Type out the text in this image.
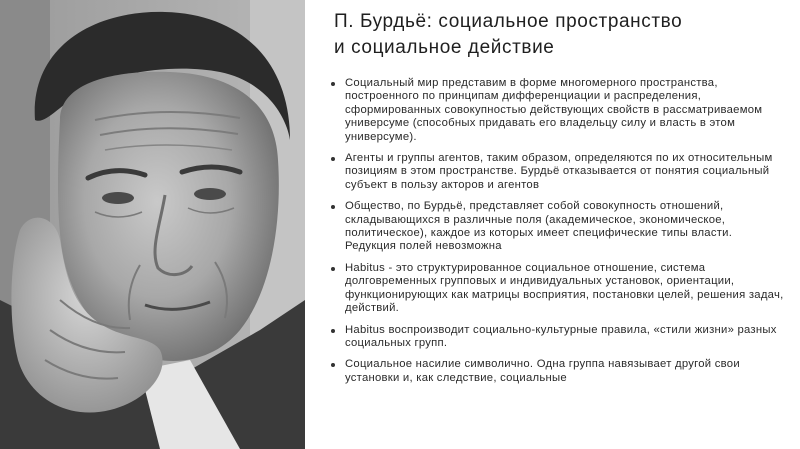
П. Бурдьё: социальное пространство
и социальное действие
Социальный мир представим в форме многомерного пространства, построенного по принципам дифференциации и распределения, сформированных совокупностью действующих свойств в рассматриваемом универсуме (способных придавать его владельцу силу и власть в этом универсуме).
Агенты и группы агентов, таким образом, определяются по их относительным позициям в этом пространстве. Бурдьё отказывается от понятия социальный субъект в пользу акторов и агентов
Общество, по Бурдьё, представляет собой совокупность отношений, складывающихся в различные поля (академическое, экономическое, политическое), каждое из которых имеет специфические типы власти. Редукция полей невозможна
Habitus - это структурированное социальное отношение, система долговременных групповых и индивидуальных установок, ориентации, функционирующих как матрицы восприятия, постановки целей, решения задач, действий.
Habitus воспроизводит социально-культурные правила, «стили жизни» разных социальных групп.
Социальное насилие символично. Одна группа навязывает другой свои установки и, как следствие, социальные
